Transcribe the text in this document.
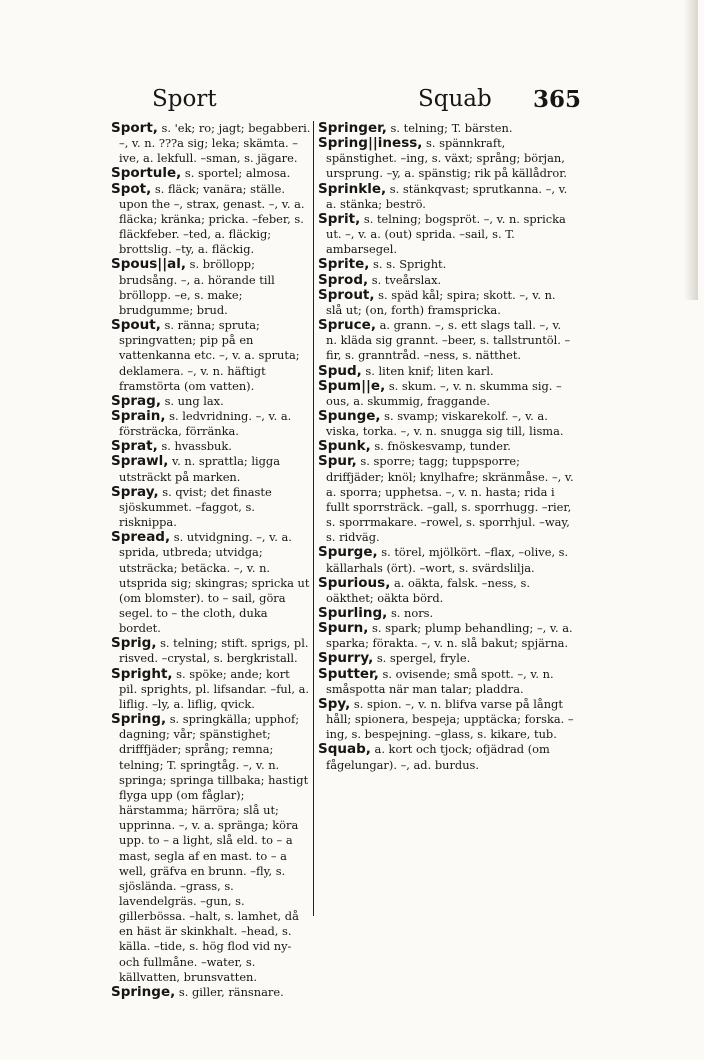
Sport	Squab 365

Sport, s. 'ek; ro; jagt; begabberi. –, v. n. ???a sig; leka; skämta. –ive, a. lekfull. –sman, s. jägare.

Sportule, s. sportel; almosa.

Spot, s. fläck; vanära; ställe. upon the –, strax, genast. –, v. a. fläcka; kränka; pricka. –feber, s. fläckfeber. –ted, a. fläckig; brottslig. –ty, a. fläckig.

Spous||al, s. bröllopp; brudsång. –, a. hörande till bröllopp. –e, s. make; brudgumme; brud.

Spout, s. ränna; spruta; springvatten; pip på en vattenkanna etc. –, v. a. spruta; deklamera. –, v. n. häftigt framstörta (om vatten).

Sprag, s. ung lax.

Sprain, s. ledvridning. –, v. a. försträcka, förränka.

Sprat, s. hvassbuk.

Sprawl, v. n. sprattla; ligga utsträckt på marken.

Spray, s. qvist; det finaste sjöskummet. –faggot, s. risknippa.

Spread, s. utvidgning. –, v. a. sprida, utbreda; utvidga; utsträcka; betäcka. –, v. n. utsprida sig; skingras; spricka ut (om blomster). to – sail, göra segel. to – the cloth, duka bordet.

Sprig, s. telning; stift. sprigs, pl. risved. –crystal, s. bergkristall.

Spright, s. spöke; ande; kort pil. sprights, pl. lifsandar. –ful, a. liflig. –ly, a. liflig, qvick.

Spring, s. springkälla; upphof; dagning; vår; spänstighet; drifffjäder; språng; remna; telning; T. springtåg. –, v. n. springa; springa tillbaka; hastigt flyga upp (om fåglar); härstamma; härröra; slå ut; upprinna. –, v. a. spränga; köra upp. to – a light, slå eld. to – a mast, segla af en mast. to – a well, gräfva en brunn. –fly, s. sjösländа. –grass, s. lavendelgräs. –gun, s. gillerbössa. –halt, s. lamhet, då en häst är skinkhalt. –head, s. källa. –tide, s. hög flod vid ny- och fullmåne. –water, s. källvatten, brunsvatten.

Springe, s. giller, ränsnare.

Springer, s. telning; T. bärsten.

Spring||iness, s. spännkraft, spänstighet. –ing, s. växt; språng; början, ursprung. –y, a. spänstig; rik på källådror.

Sprinkle, s. stänkqvast; sprutkanna. –, v. a. stänka; beströ.

Sprit, s. telning; bogspröt. –, v. n. spricka ut. –, v. a. (out) sprida. –sail, s. T. ambarsegel.

Sprite, s. s. Spright.

Sprod, s. tveårslax.

Sprout, s. späd kål; spira; skott. –, v. n. slå ut; (on, forth) framspricka.

Spruce, a. grann. –, s. ett slags tall. –, v. n. kläda sig grannt. –beer, s. tallstruntöl. –fir, s. granntråd. –ness, s. nätthet.

Spud, s. liten knif; liten karl.

Spum||e, s. skum. –, v. n. skumma sig. –ous, a. skummig, fraggande.

Spunge, s. svamp; viskarekolf. –, v. a. viska, torka. –, v. n. snugga sig till, lisma.

Spunk, s. fnöskesvamp, tunder.

Spur, s. sporre; tagg; tuppsporre; driffjäder; knöl; knylhafre; skränmåse. –, v. a. sporra; upphetsa. –, v. n. hasta; rida i fullt sporrsträck. –gall, s. sporrhugg. –rier, s. sporrmakare. –rowel, s. sporrhjul. –way, s. ridväg.

Spurge, s. törel, mjölkört. –flax, –olive, s. källarhals (ört). –wort, s. svärdslilja.

Spurious, a. oäkta, falsk. –ness, s. oäkthet; oäkta börd.

Spurling, s. nors.

Spurn, s. spark; plump behandling; –, v. a. sparka; förakta. –, v. n. slå bakut; spjärna.

Spurry, s. spergel, fryle.

Sputter, s. ovisende; små spott. –, v. n. småspotta när man talar; pladdra.

Spy, s. spion. –, v. n. blifva varse på långt håll; spionera, bespeja; upptäcka; forska. –ing, s. bespejning. –glass, s. kikare, tub.

Squab, a. kort och tjock; ofjädrad (om fågelungar). –, ad. burdus.
